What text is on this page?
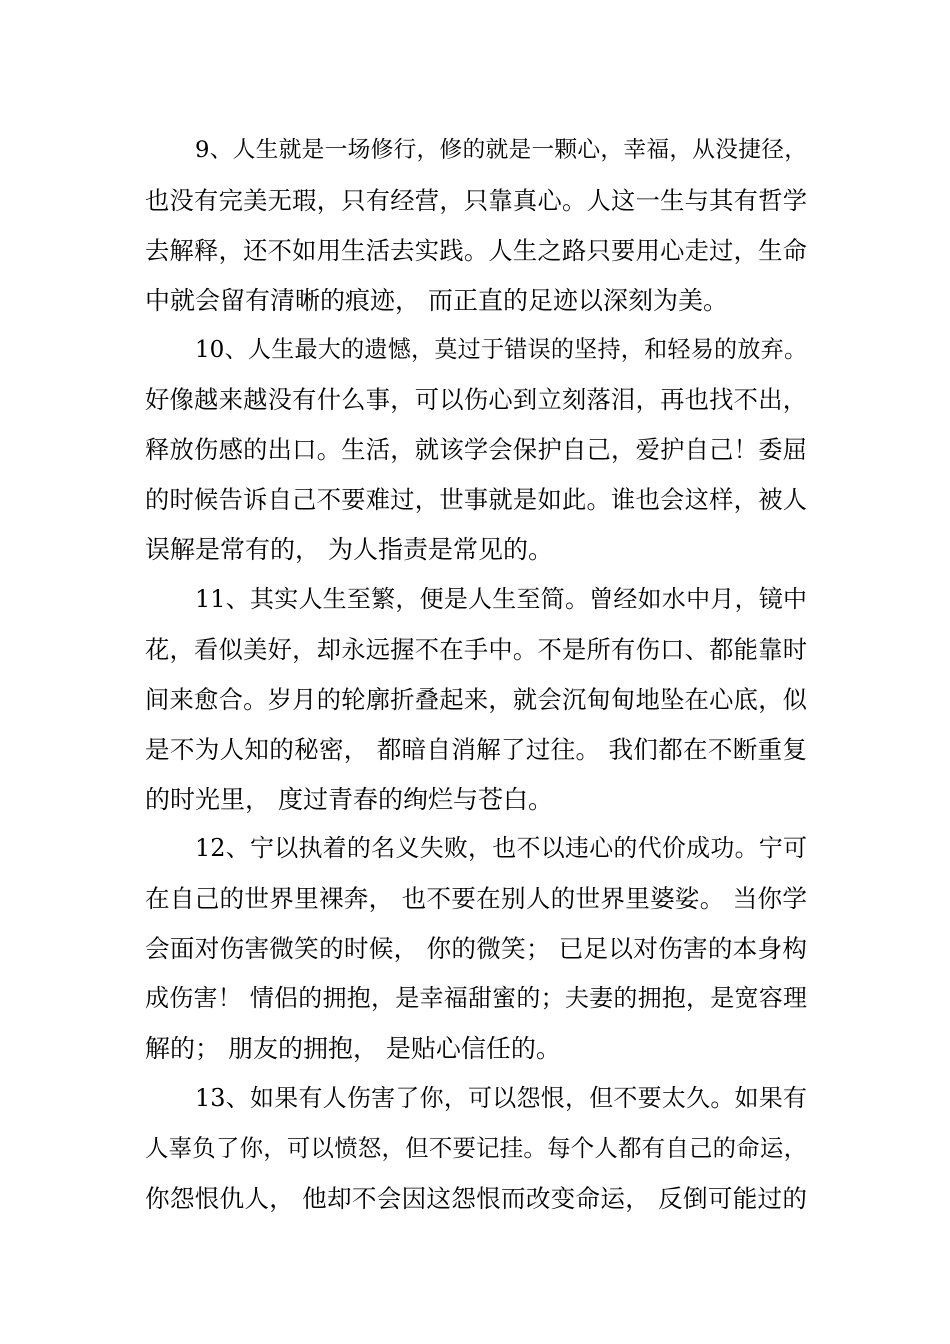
9、人生就是一场修行，修的就是一颗心，幸福，从没捷径，
也没有完美无瑕，只有经营，只靠真心。人这一生与其有哲学
去解释，还不如用生活去实践。人生之路只要用心走过，生命
中就会留有清晰的痕迹， 而正直的足迹以深刻为美。
10、人生最大的遗憾，莫过于错误的坚持，和轻易的放弃。
好像越来越没有什么事，可以伤心到立刻落泪，再也找不出，
释放伤感的出口。生活，就该学会保护自己，爱护自己！委屈
的时候告诉自己不要难过，世事就是如此。谁也会这样，被人
误解是常有的， 为人指责是常见的。
11、其实人生至繁，便是人生至简。曾经如水中月，镜中
花，看似美好，却永远握不在手中。不是所有伤口、都能靠时
间来愈合。岁月的轮廓折叠起来，就会沉甸甸地坠在心底，似
是不为人知的秘密， 都暗自消解了过往。 我们都在不断重复
的时光里， 度过青春的绚烂与苍白。
12、宁以执着的名义失败，也不以违心的代价成功。宁可
在自己的世界里裸奔， 也不要在别人的世界里婆娑。 当你学
会面对伤害微笑的时候， 你的微笑； 已足以对伤害的本身构
成伤害！ 情侣的拥抱，是幸福甜蜜的；夫妻的拥抱，是宽容理
解的； 朋友的拥抱， 是贴心信任的。
13、如果有人伤害了你，可以怨恨，但不要太久。如果有
人辜负了你，可以愤怒，但不要记挂。每个人都有自己的命运，
你怨恨仇人， 他却不会因这怨恨而改变命运， 反倒可能过的
